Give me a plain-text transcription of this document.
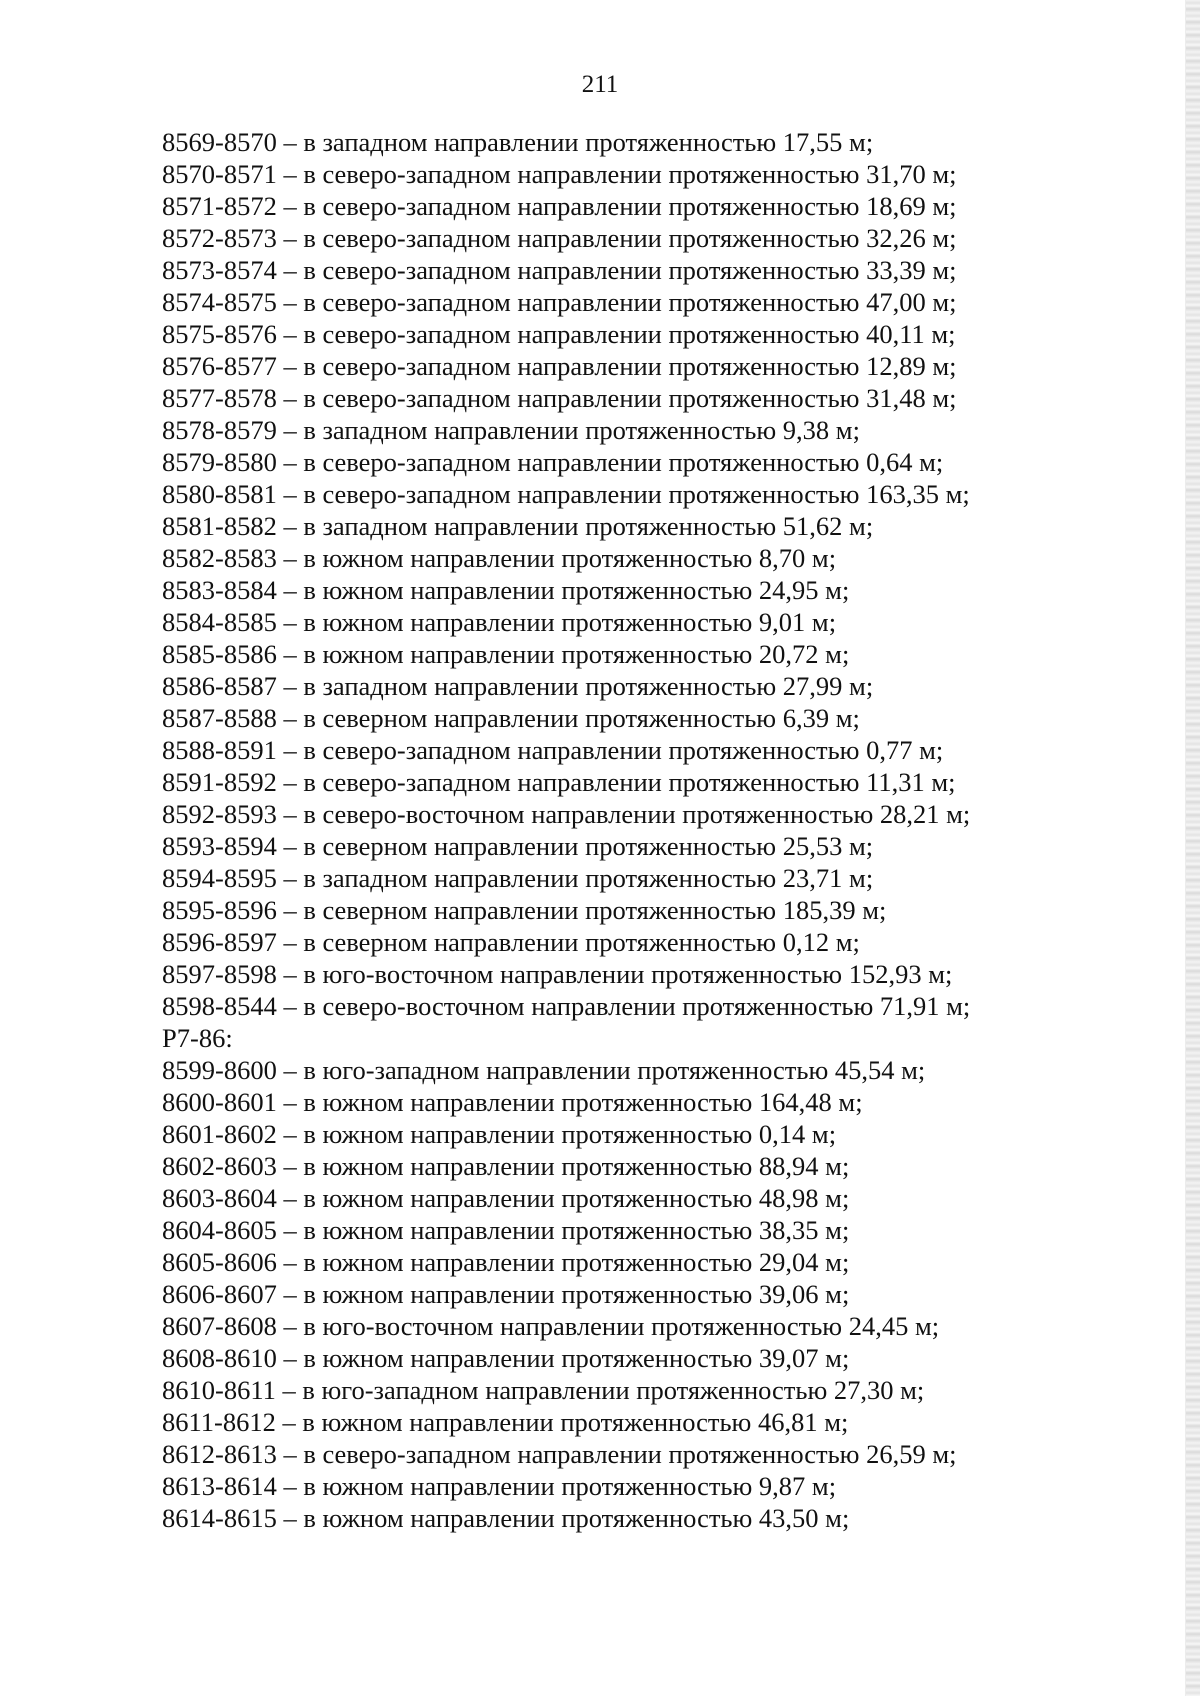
211
8569-8570 – в западном направлении протяженностью 17,55 м;
8570-8571 – в северо-западном направлении протяженностью 31,70 м;
8571-8572 – в северо-западном направлении протяженностью 18,69 м;
8572-8573 – в северо-западном направлении протяженностью 32,26 м;
8573-8574 – в северо-западном направлении протяженностью 33,39 м;
8574-8575 – в северо-западном направлении протяженностью 47,00 м;
8575-8576 – в северо-западном направлении протяженностью 40,11 м;
8576-8577 – в северо-западном направлении протяженностью 12,89 м;
8577-8578 – в северо-западном направлении протяженностью 31,48 м;
8578-8579 – в западном направлении протяженностью 9,38 м;
8579-8580 – в северо-западном направлении протяженностью 0,64 м;
8580-8581 – в северо-западном направлении протяженностью 163,35 м;
8581-8582 – в западном направлении протяженностью 51,62 м;
8582-8583 – в южном направлении протяженностью 8,70 м;
8583-8584 – в южном направлении протяженностью 24,95 м;
8584-8585 – в южном направлении протяженностью 9,01 м;
8585-8586 – в южном направлении протяженностью 20,72 м;
8586-8587 – в западном направлении протяженностью 27,99 м;
8587-8588 – в северном направлении протяженностью 6,39 м;
8588-8591 – в северо-западном направлении протяженностью 0,77 м;
8591-8592 – в северо-западном направлении протяженностью 11,31 м;
8592-8593 – в северо-восточном направлении протяженностью 28,21 м;
8593-8594 – в северном направлении протяженностью 25,53 м;
8594-8595 – в западном направлении протяженностью 23,71 м;
8595-8596 – в северном направлении протяженностью 185,39 м;
8596-8597 – в северном направлении протяженностью 0,12 м;
8597-8598 – в юго-восточном направлении протяженностью 152,93 м;
8598-8544 – в северо-восточном направлении протяженностью 71,91 м;
Р7-86:
8599-8600 – в юго-западном направлении протяженностью 45,54 м;
8600-8601 – в южном направлении протяженностью 164,48 м;
8601-8602 – в южном направлении протяженностью 0,14 м;
8602-8603 – в южном направлении протяженностью 88,94 м;
8603-8604 – в южном направлении протяженностью 48,98 м;
8604-8605 – в южном направлении протяженностью 38,35 м;
8605-8606 – в южном направлении протяженностью 29,04 м;
8606-8607 – в южном направлении протяженностью 39,06 м;
8607-8608 – в юго-восточном направлении протяженностью 24,45 м;
8608-8610 – в южном направлении протяженностью 39,07 м;
8610-8611 – в юго-западном направлении протяженностью 27,30 м;
8611-8612 – в южном направлении протяженностью 46,81 м;
8612-8613 – в северо-западном направлении протяженностью 26,59 м;
8613-8614 – в южном направлении протяженностью 9,87 м;
8614-8615 – в южном направлении протяженностью 43,50 м;
